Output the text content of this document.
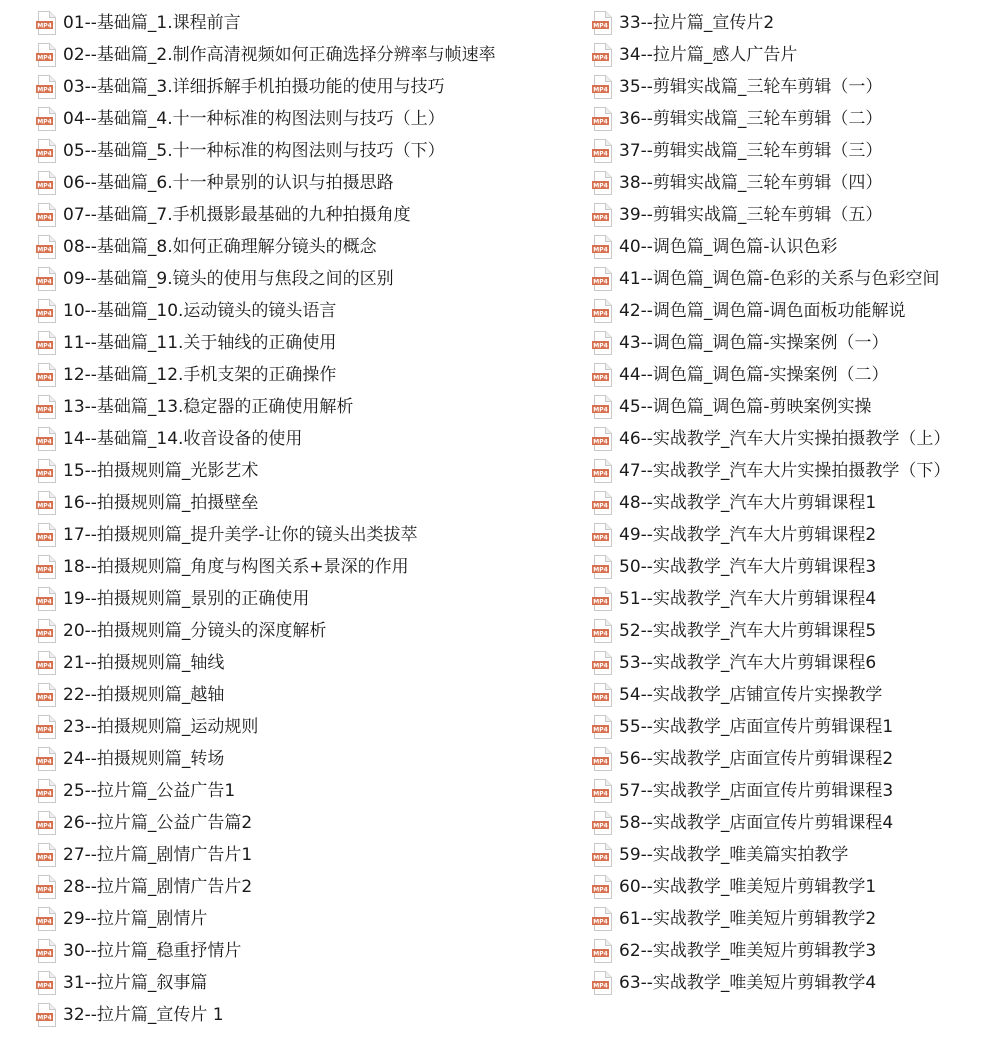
MP4 01--基础篇_1.课程前言
MP4 02--基础篇_2.制作高清视频如何正确选择分辨率与帧速率
MP4 03--基础篇_3.详细拆解手机拍摄功能的使用与技巧
MP4 04--基础篇_4.十一种标准的构图法则与技巧（上）
MP4 05--基础篇_5.十一种标准的构图法则与技巧（下）
MP4 06--基础篇_6.十一种景别的认识与拍摄思路
MP4 07--基础篇_7.手机摄影最基础的九种拍摄角度
MP4 08--基础篇_8.如何正确理解分镜头的概念
MP4 09--基础篇_9.镜头的使用与焦段之间的区别
MP4 10--基础篇_10.运动镜头的镜头语言
MP4 11--基础篇_11.关于轴线的正确使用
MP4 12--基础篇_12.手机支架的正确操作
MP4 13--基础篇_13.稳定器的正确使用解析
MP4 14--基础篇_14.收音设备的使用
MP4 15--拍摄规则篇_光影艺术
MP4 16--拍摄规则篇_拍摄壁垒
MP4 17--拍摄规则篇_提升美学-让你的镜头出类拔萃
MP4 18--拍摄规则篇_角度与构图关系+景深的作用
MP4 19--拍摄规则篇_景别的正确使用
MP4 20--拍摄规则篇_分镜头的深度解析
MP4 21--拍摄规则篇_轴线
MP4 22--拍摄规则篇_越轴
MP4 23--拍摄规则篇_运动规则
MP4 24--拍摄规则篇_转场
MP4 25--拉片篇_公益广告1
MP4 26--拉片篇_公益广告篇2
MP4 27--拉片篇_剧情广告片1
MP4 28--拉片篇_剧情广告片2
MP4 29--拉片篇_剧情片
MP4 30--拉片篇_稳重抒情片
MP4 31--拉片篇_叙事篇
MP4 32--拉片篇_宣传片 1
MP4 33--拉片篇_宣传片2
MP4 34--拉片篇_感人广告片
MP4 35--剪辑实战篇_三轮车剪辑（一）
MP4 36--剪辑实战篇_三轮车剪辑（二）
MP4 37--剪辑实战篇_三轮车剪辑（三）
MP4 38--剪辑实战篇_三轮车剪辑（四）
MP4 39--剪辑实战篇_三轮车剪辑（五）
MP4 40--调色篇_调色篇-认识色彩
MP4 41--调色篇_调色篇-色彩的关系与色彩空间
MP4 42--调色篇_调色篇-调色面板功能解说
MP4 43--调色篇_调色篇-实操案例（一）
MP4 44--调色篇_调色篇-实操案例（二）
MP4 45--调色篇_调色篇-剪映案例实操
MP4 46--实战教学_汽车大片实操拍摄教学（上）
MP4 47--实战教学_汽车大片实操拍摄教学（下）
MP4 48--实战教学_汽车大片剪辑课程1
MP4 49--实战教学_汽车大片剪辑课程2
MP4 50--实战教学_汽车大片剪辑课程3
MP4 51--实战教学_汽车大片剪辑课程4
MP4 52--实战教学_汽车大片剪辑课程5
MP4 53--实战教学_汽车大片剪辑课程6
MP4 54--实战教学_店铺宣传片实操教学
MP4 55--实战教学_店面宣传片剪辑课程1
MP4 56--实战教学_店面宣传片剪辑课程2
MP4 57--实战教学_店面宣传片剪辑课程3
MP4 58--实战教学_店面宣传片剪辑课程4
MP4 59--实战教学_唯美篇实拍教学
MP4 60--实战教学_唯美短片剪辑教学1
MP4 61--实战教学_唯美短片剪辑教学2
MP4 62--实战教学_唯美短片剪辑教学3
MP4 63--实战教学_唯美短片剪辑教学4
